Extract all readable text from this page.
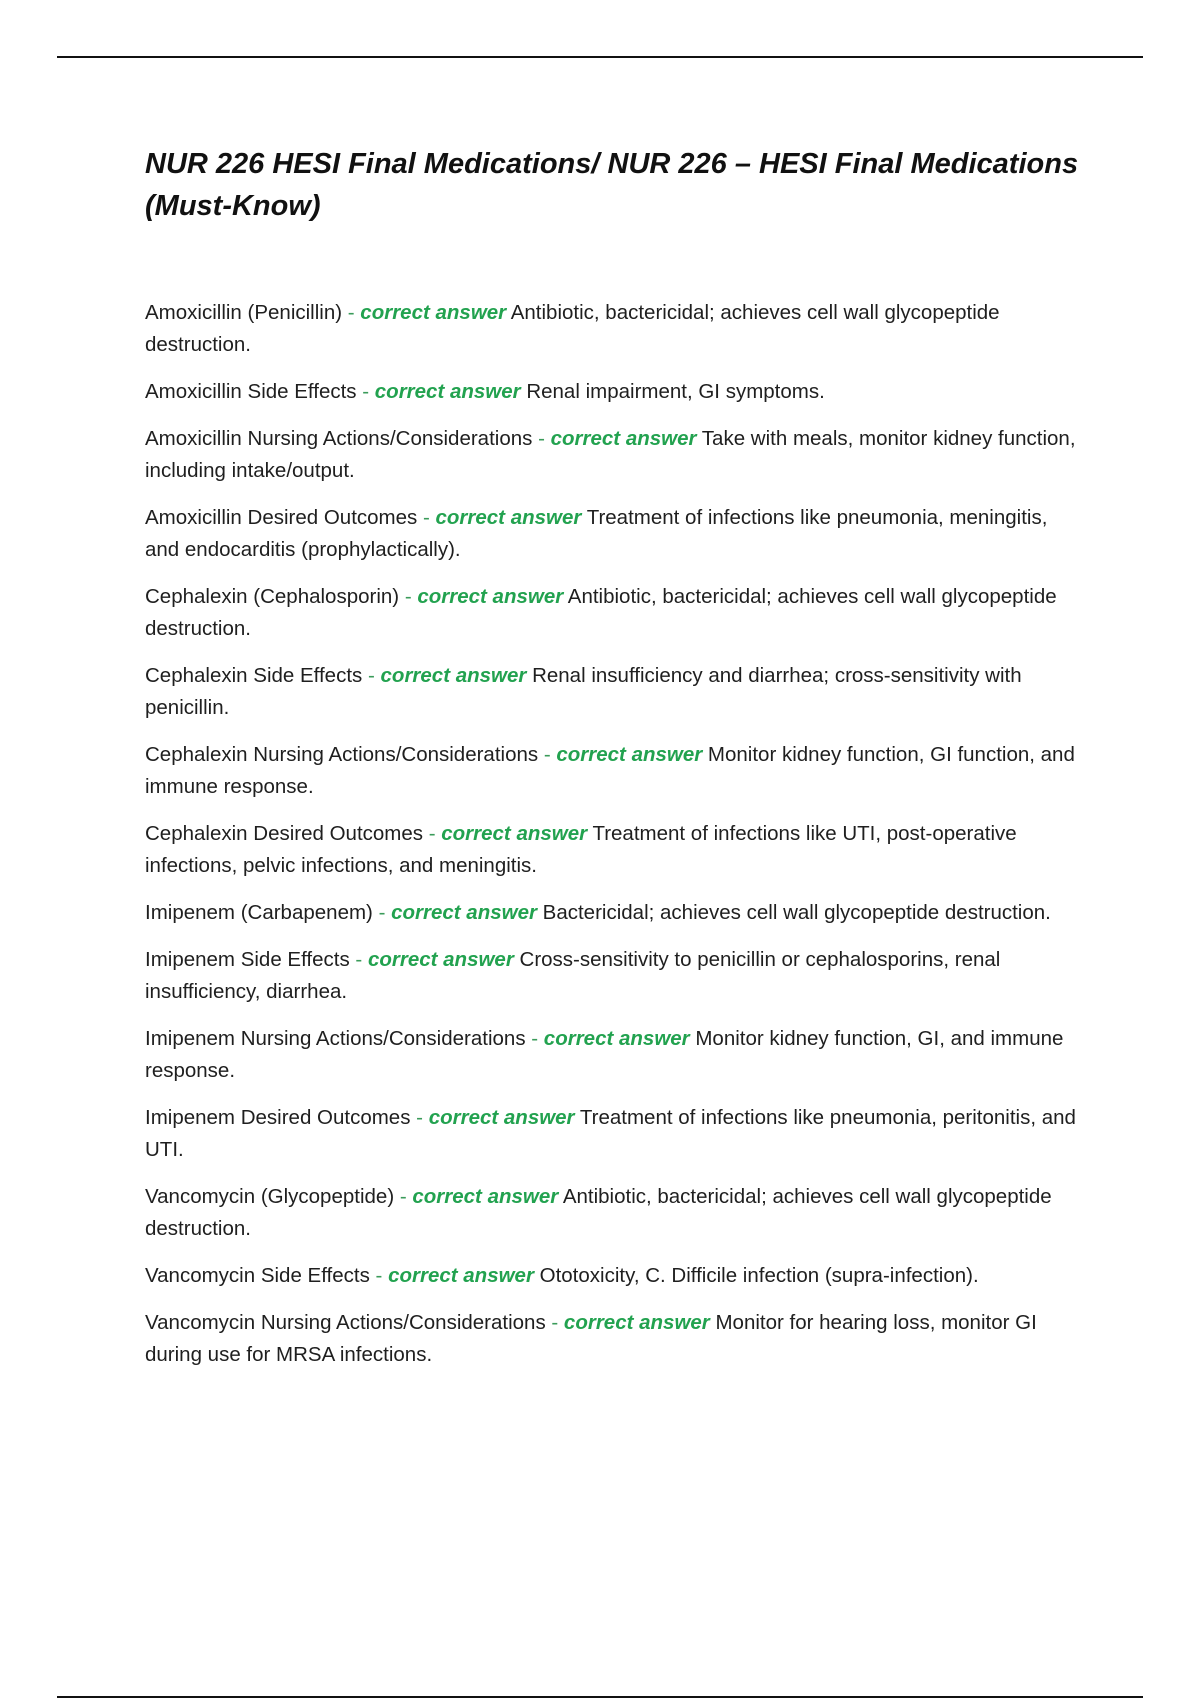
NUR 226 HESI Final Medications/ NUR 226 – HESI Final Medications (Must-Know)

Amoxicillin (Penicillin) - correct answer Antibiotic, bactericidal; achieves cell wall glycopeptide destruction.

Amoxicillin Side Effects - correct answer Renal impairment, GI symptoms.

Amoxicillin Nursing Actions/Considerations - correct answer Take with meals, monitor kidney function, including intake/output.

Amoxicillin Desired Outcomes - correct answer Treatment of infections like pneumonia, meningitis, and endocarditis (prophylactically).

Cephalexin (Cephalosporin) - correct answer Antibiotic, bactericidal; achieves cell wall glycopeptide destruction.

Cephalexin Side Effects - correct answer Renal insufficiency and diarrhea; cross-sensitivity with penicillin.

Cephalexin Nursing Actions/Considerations - correct answer Monitor kidney function, GI function, and immune response.

Cephalexin Desired Outcomes - correct answer Treatment of infections like UTI, post-operative infections, pelvic infections, and meningitis.

Imipenem (Carbapenem) - correct answer Bactericidal; achieves cell wall glycopeptide destruction.

Imipenem Side Effects - correct answer Cross-sensitivity to penicillin or cephalosporins, renal insufficiency, diarrhea.

Imipenem Nursing Actions/Considerations - correct answer Monitor kidney function, GI, and immune response.

Imipenem Desired Outcomes - correct answer Treatment of infections like pneumonia, peritonitis, and UTI.

Vancomycin (Glycopeptide) - correct answer Antibiotic, bactericidal; achieves cell wall glycopeptide destruction.

Vancomycin Side Effects - correct answer Ototoxicity, C. Difficile infection (supra-infection).

Vancomycin Nursing Actions/Considerations - correct answer Monitor for hearing loss, monitor GI during use for MRSA infections.
